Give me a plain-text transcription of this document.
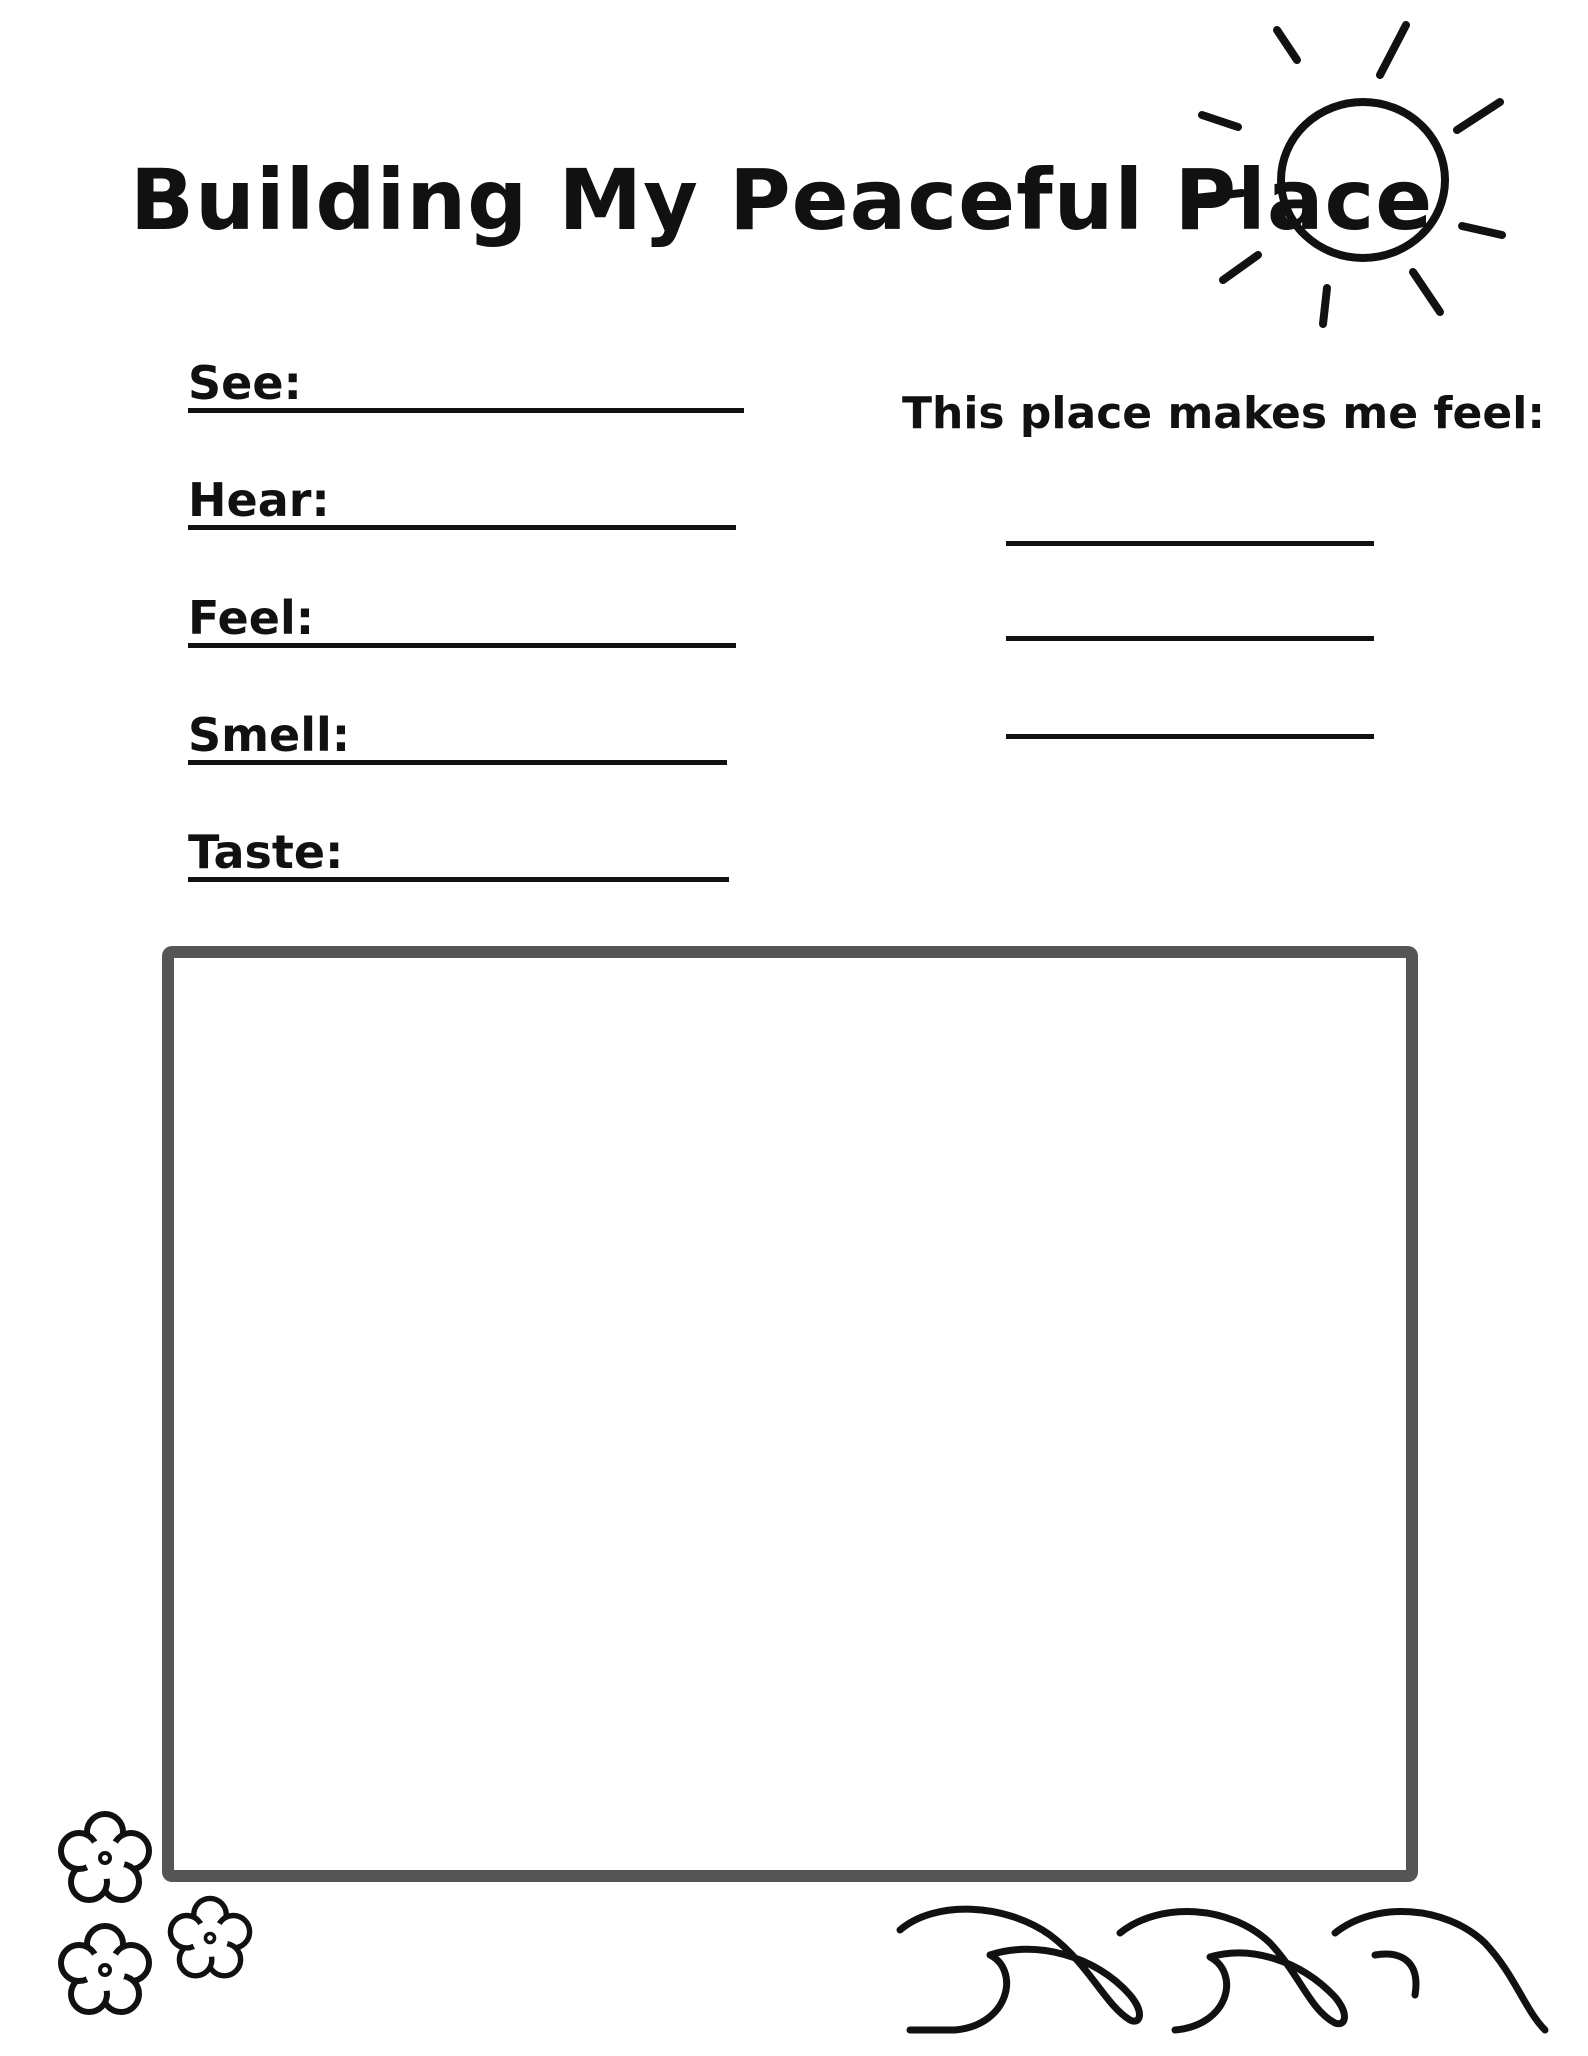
Building My Peaceful Place
See:
Hear:
Feel:
Smell:
Taste:
This place makes me feel:
